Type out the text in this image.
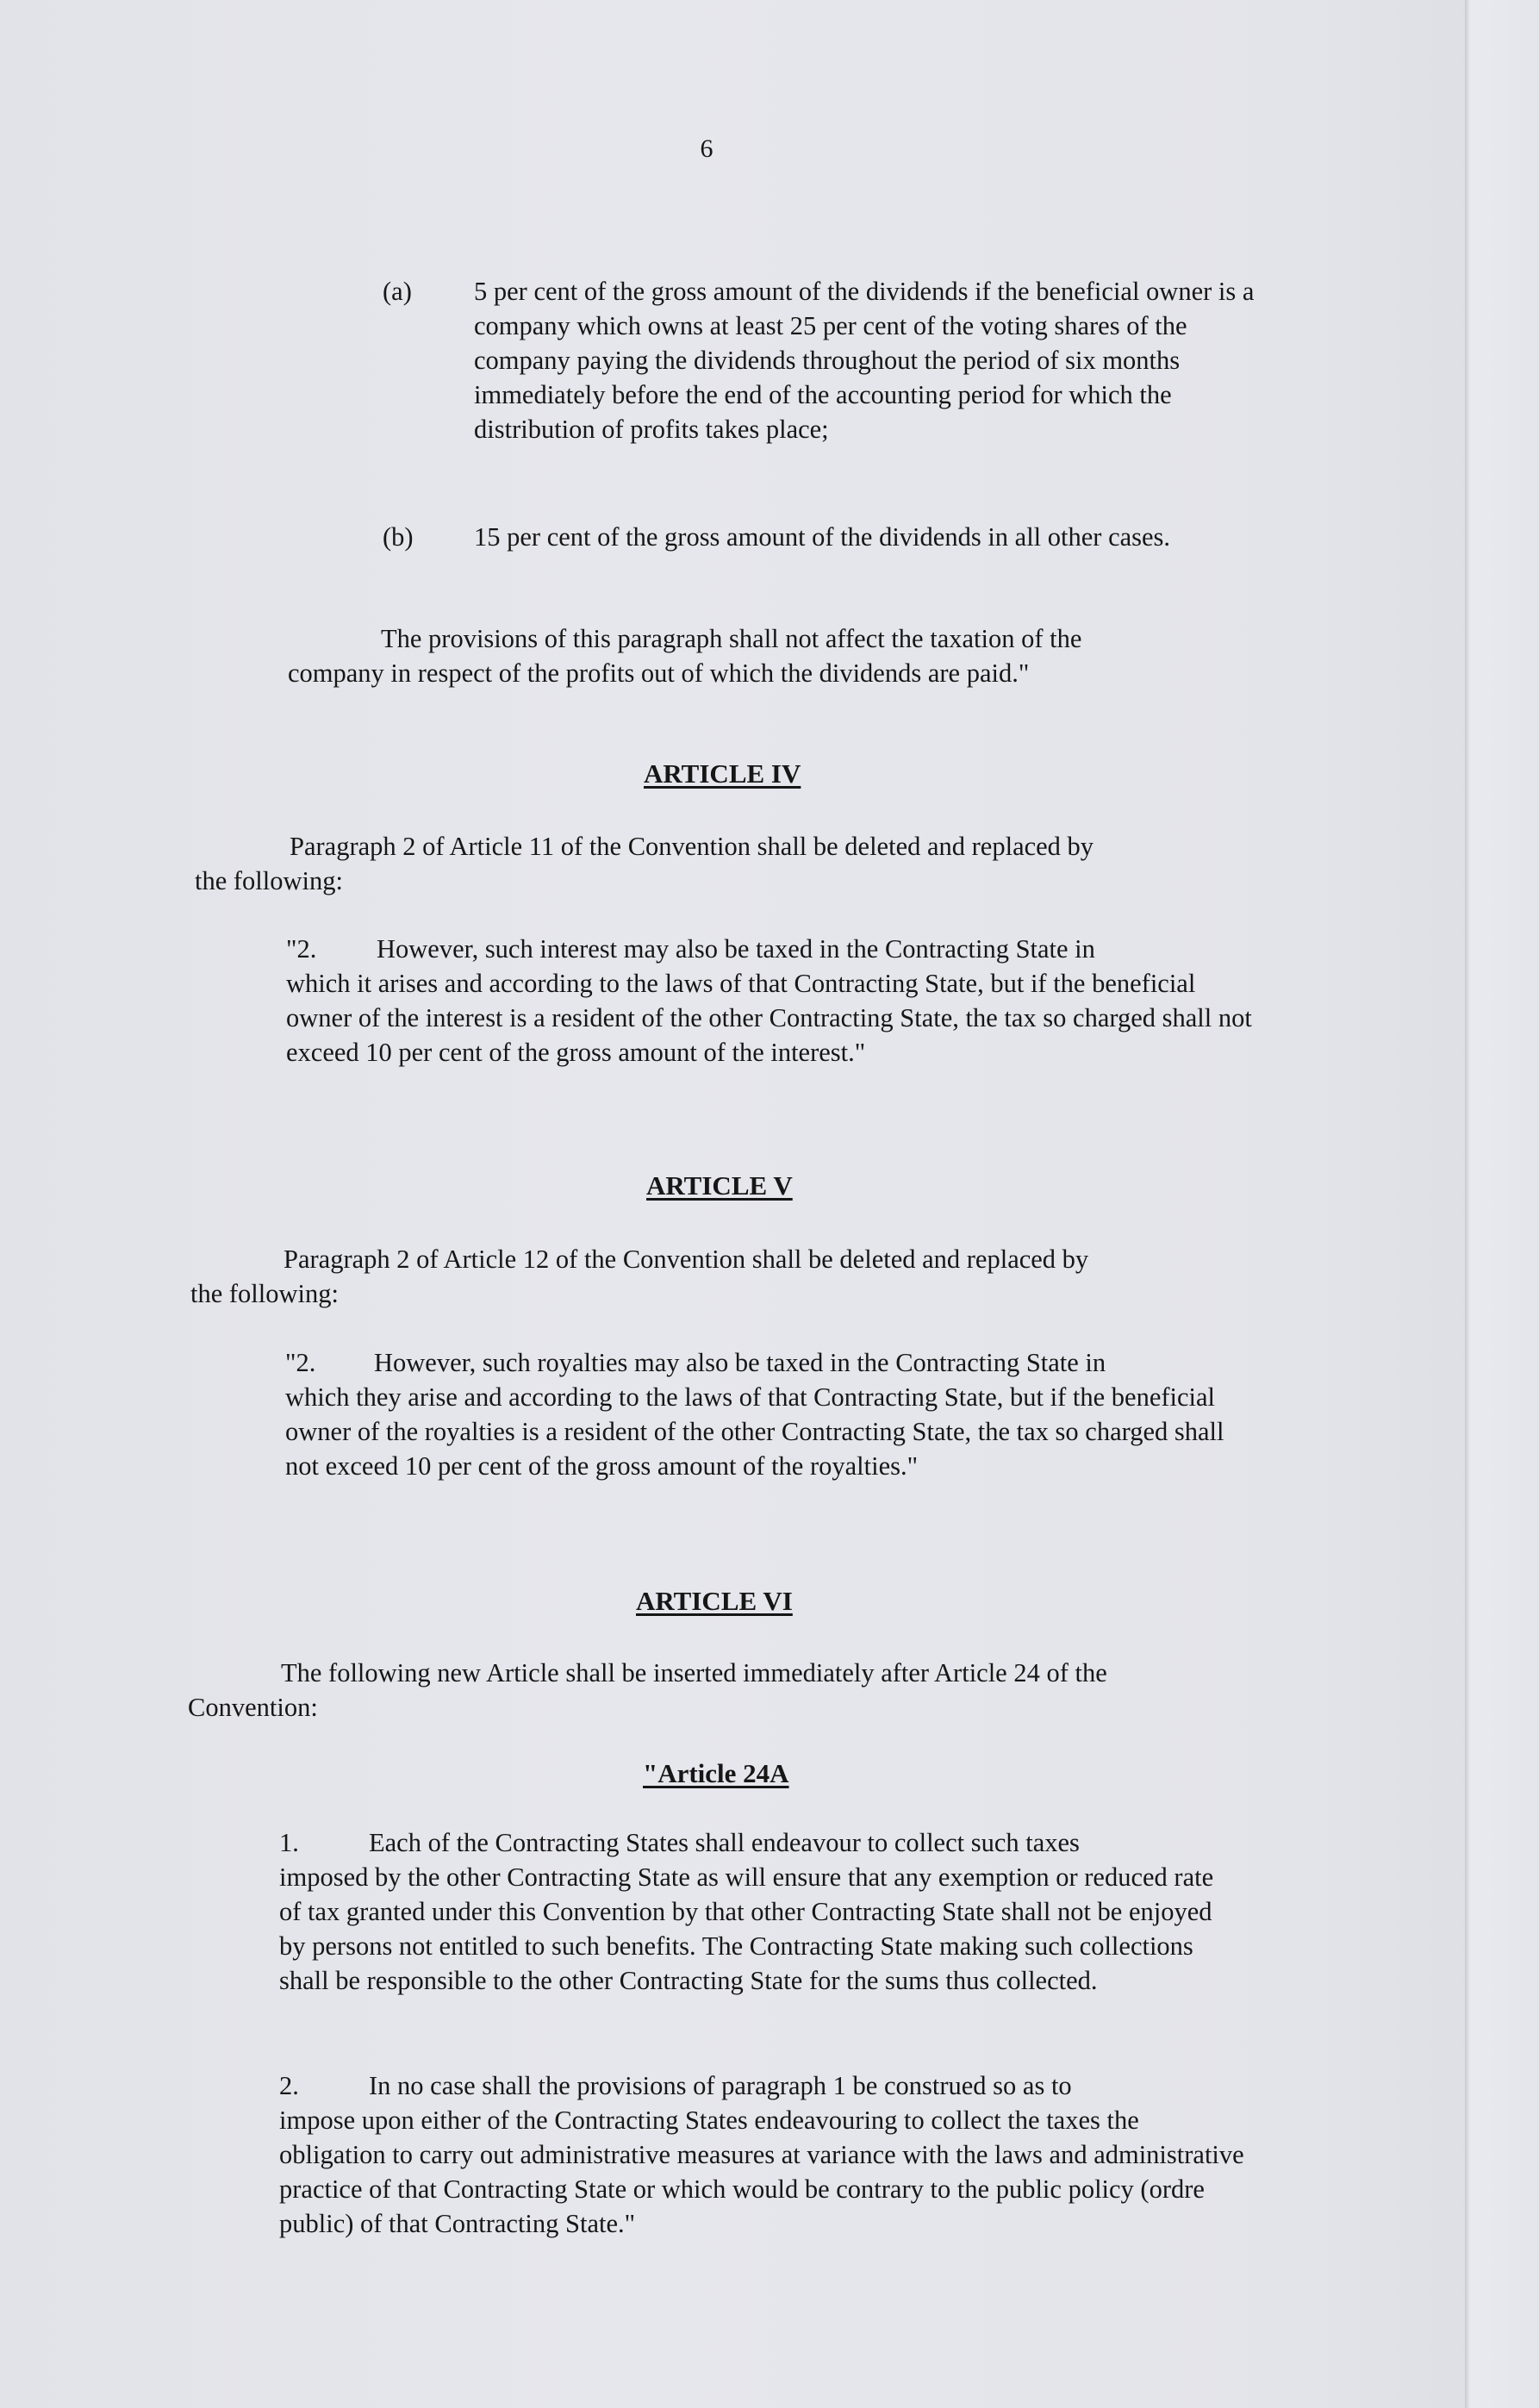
6
(a) 5 per cent of the gross amount of the dividends if the beneficial owner is a company which owns at least 25 per cent of the voting shares of the company paying the dividends throughout the period of six months immediately before the end of the accounting period for which the distribution of profits takes place;
(b) 15 per cent of the gross amount of the dividends in all other cases.
The provisions of this paragraph shall not affect the taxation of the
company in respect of the profits out of which the dividends are paid."
ARTICLE IV
Paragraph 2 of Article 11 of the Convention shall be deleted and replaced by
the following:
"2. However, such interest may also be taxed in the Contracting State in
which it arises and according to the laws of that Contracting State, but if the beneficial owner of the interest is a resident of the other Contracting State, the tax so charged shall not exceed 10 per cent of the gross amount of the interest."
ARTICLE V
Paragraph 2 of Article 12 of the Convention shall be deleted and replaced by
the following:
"2. However, such royalties may also be taxed in the Contracting State in
which they arise and according to the laws of that Contracting State, but if the beneficial owner of the royalties is a resident of the other Contracting State, the tax so charged shall not exceed 10 per cent of the gross amount of the royalties."
ARTICLE VI
The following new Article shall be inserted immediately after Article 24 of the
Convention:
"Article 24A
1.	Each of the Contracting States shall endeavour to collect such taxes
imposed by the other Contracting State as will ensure that any exemption or reduced rate of tax granted under this Convention by that other Contracting State shall not be enjoyed by persons not entitled to such benefits. The Contracting State making such collections shall be responsible to the other Contracting State for the sums thus collected.
2.	In no case shall the provisions of paragraph 1 be construed so as to
impose upon either of the Contracting States endeavouring to collect the taxes the obligation to carry out administrative measures at variance with the laws and administrative practice of that Contracting State or which would be contrary to the public policy (ordre public) of that Contracting State."
